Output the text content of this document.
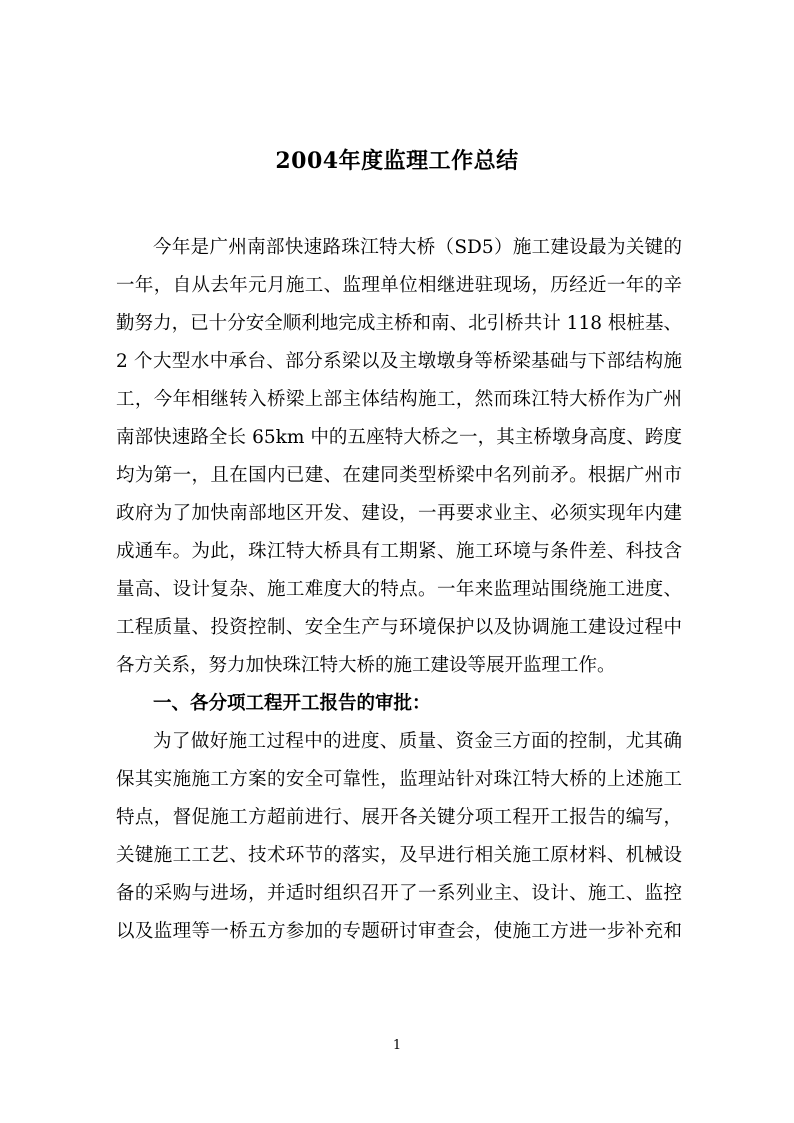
2004年度监理工作总结
今年是广州南部快速路珠江特大桥（SD5）施工建设最为关键的
一年，自从去年元月施工、监理单位相继进驻现场，历经近一年的辛
勤努力，已十分安全顺利地完成主桥和南、北引桥共计 118 根桩基、
2 个大型水中承台、部分系梁以及主墩墩身等桥梁基础与下部结构施
工，今年相继转入桥梁上部主体结构施工，然而珠江特大桥作为广州
南部快速路全长 65km 中的五座特大桥之一，其主桥墩身高度、跨度
均为第一，且在国内已建、在建同类型桥梁中名列前矛。根据广州市
政府为了加快南部地区开发、建设，一再要求业主、必须实现年内建
成通车。为此，珠江特大桥具有工期紧、施工环境与条件差、科技含
量高、设计复杂、施工难度大的特点。一年来监理站围绕施工进度、
工程质量、投资控制、安全生产与环境保护以及协调施工建设过程中
各方关系，努力加快珠江特大桥的施工建设等展开监理工作。
一、各分项工程开工报告的审批：
为了做好施工过程中的进度、质量、资金三方面的控制，尤其确
保其实施施工方案的安全可靠性，监理站针对珠江特大桥的上述施工
特点，督促施工方超前进行、展开各关键分项工程开工报告的编写，
关键施工工艺、技术环节的落实，及早进行相关施工原材料、机械设
备的采购与进场，并适时组织召开了一系列业主、设计、施工、监控
以及监理等一桥五方参加的专题研讨审查会，使施工方进一步补充和
1
